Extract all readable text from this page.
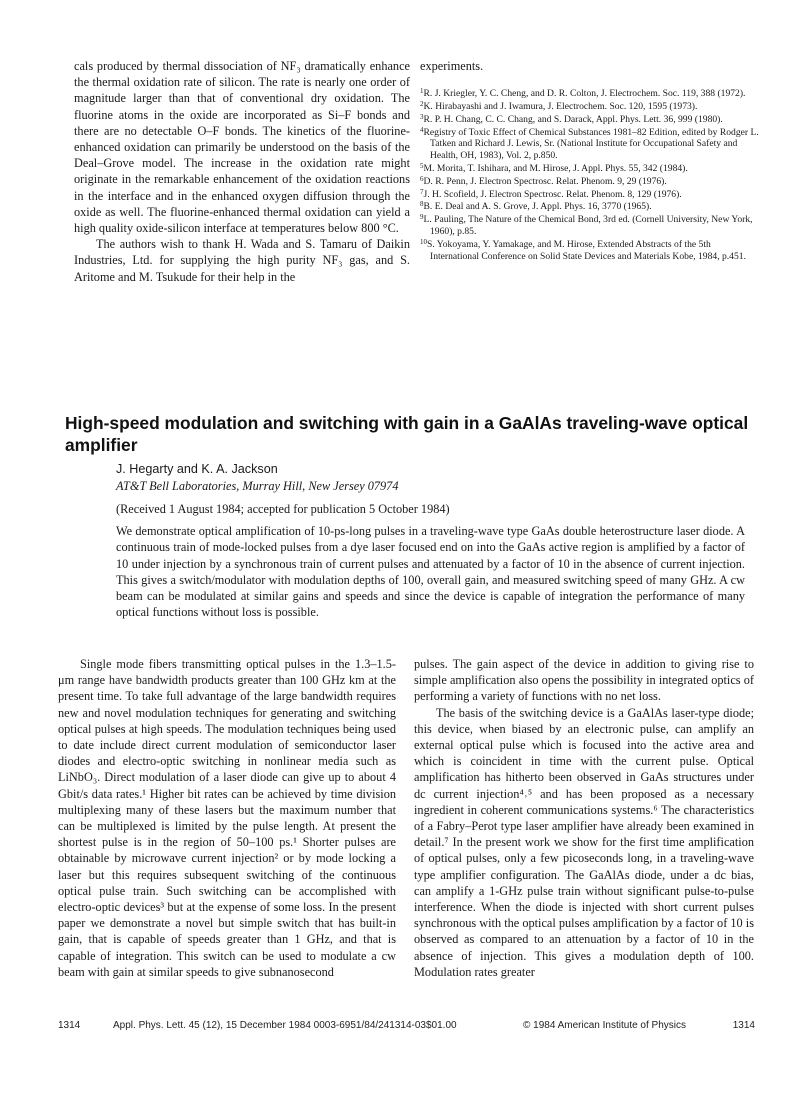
cals produced by thermal dissociation of NF₃ dramatically enhance the thermal oxidation rate of silicon. The rate is nearly one order of magnitude larger than that of conventional dry oxidation. The fluorine atoms in the oxide are incorporated as Si–F bonds and there are no detectable O–F bonds. The kinetics of the fluorine-enhanced oxidation can primarily be understood on the basis of the Deal–Grove model. The increase in the oxidation rate might originate in the remarkable enhancement of the oxidation reactions in the interface and in the enhanced oxygen diffusion through the oxide as well. The fluorine-enhanced thermal oxidation can yield a high quality oxide-silicon interface at temperatures below 800 °C.

The authors wish to thank H. Wada and S. Tamaru of Daikin Industries, Ltd. for supplying the high purity NF₃ gas, and S. Aritome and M. Tsukude for their help in the

experiments.

$^1$R. J. Kriegler, Y. C. Cheng, and D. R. Colton, J. Electrochem. Soc. 119, 388 (1972).
$^2$K. Hirabayashi and J. Iwamura, J. Electrochem. Soc. 120, 1595 (1973).
$^3$R. P. H. Chang, C. C. Chang, and S. Darack, Appl. Phys. Lett. 36, 999 (1980).
$^4$Registry of Toxic Effect of Chemical Substances 1981–82 Edition, edited by Rodger L. Tatken and Richard J. Lewis, Sr. (National Institute for Occupational Safety and Health, OH, 1983), Vol. 2, p.850.
$^5$M. Morita, T. Ishihara, and M. Hirose, J. Appl. Phys. 55, 342 (1984).
$^6$D. R. Penn, J. Electron Spectrosc. Relat. Phenom. 9, 29 (1976).
$^7$J. H. Scofield, J. Electron Spectrosc. Relat. Phenom. 8, 129 (1976).
$^8$B. E. Deal and A. S. Grove, J. Appl. Phys. 16, 3770 (1965).
$^9$L. Pauling, The Nature of the Chemical Bond, 3rd ed. (Cornell University, New York, 1960), p.85.
$^{10}$S. Yokoyama, Y. Yamakage, and M. Hirose, Extended Abstracts of the 5th International Conference on Solid State Devices and Materials Kobe, 1984, p.451.
High-speed modulation and switching with gain in a GaAlAs traveling-wave optical amplifier

J. Hegarty and K. A. Jackson

AT&T Bell Laboratories, Murray Hill, New Jersey 07974

(Received 1 August 1984; accepted for publication 5 October 1984)

We demonstrate optical amplification of 10-ps-long pulses in a traveling-wave type GaAs double heterostructure laser diode. A continuous train of mode-locked pulses from a dye laser focused end on into the GaAs active region is amplified by a factor of 10 under injection by a synchronous train of current pulses and attenuated by a factor of 10 in the absence of current injection. This gives a switch/modulator with modulation depths of 100, overall gain, and measured switching speed of many GHz. A cw beam can be modulated at similar gains and speeds and since the device is capable of integration the performance of many optical functions without loss is possible.

Single mode fibers transmitting optical pulses in the 1.3–1.5-μm range have bandwidth products greater than 100 GHz km at the present time. To take full advantage of the large bandwidth requires new and novel modulation techniques for generating and switching optical pulses at high speeds. The modulation techniques being used to date include direct current modulation of semiconductor laser diodes and electro-optic switching in nonlinear media such as LiNbO₃. Direct modulation of a laser diode can give up to about 4 Gbit/s data rates.¹ Higher bit rates can be achieved by time division multiplexing many of these lasers but the maximum number that can be multiplexed is limited by the pulse length. At present the shortest pulse is in the region of 50–100 ps.¹ Shorter pulses are obtainable by microwave current injection² or by mode locking a laser but this requires subsequent switching of the continuous optical pulse train. Such switching can be accomplished with electro-optic devices³ but at the expense of some loss. In the present paper we demonstrate a novel but simple switch that has built-in gain, that is capable of speeds greater than 1 GHz, and that is capable of integration. This switch can be used to modulate a cw beam with gain at similar speeds to give subnanosecond

pulses. The gain aspect of the device in addition to giving rise to simple amplification also opens the possibility in integrated optics of performing a variety of functions with no net loss.

The basis of the switching device is a GaAlAs laser-type diode; this device, when biased by an electronic pulse, can amplify an external optical pulse which is focused into the active area and which is coincident in time with the current pulse. Optical amplification has hitherto been observed in GaAs structures under dc current injection⁴˒⁵ and has been proposed as a necessary ingredient in coherent communications systems.⁶ The characteristics of a Fabry–Perot type laser amplifier have already been examined in detail.⁷ In the present work we show for the first time amplification of optical pulses, only a few picoseconds long, in a traveling-wave type amplifier configuration. The GaAlAs diode, under a dc bias, can amplify a 1-GHz pulse train without significant pulse-to-pulse interference. When the diode is injected with short current pulses synchronous with the optical pulses amplification by a factor of 10 is observed as compared to an attenuation by a factor of 10 in the absence of injection. This gives a modulation depth of 100. Modulation rates greater

1314	Appl. Phys. Lett. 45 (12), 15 December 1984 0003-6951/84/241314-03$01.00	© 1984 American Institute of Physics	1314
